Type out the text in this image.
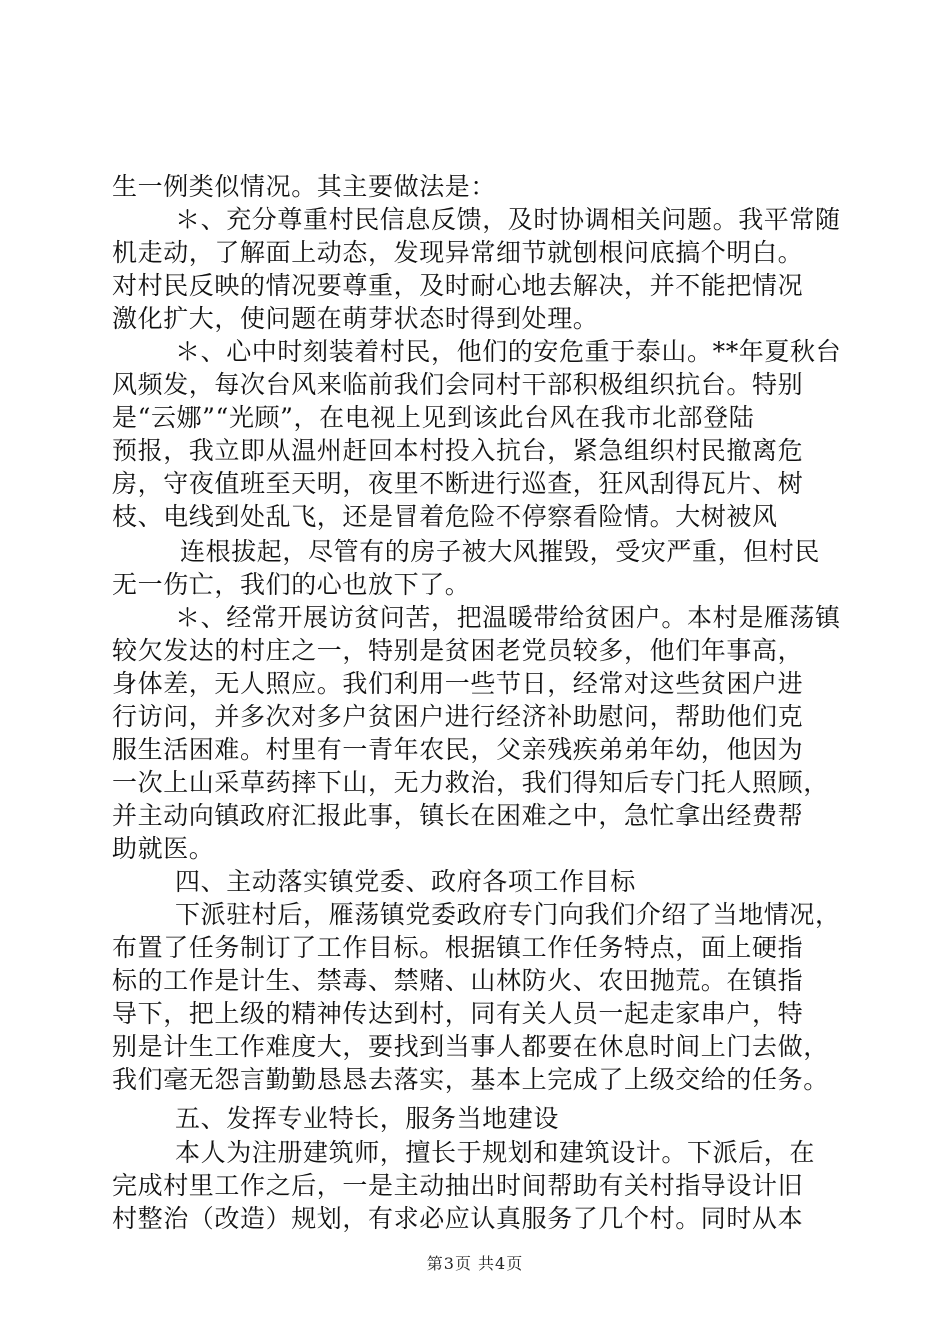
生一例类似情况。其主要做法是：
＊、充分尊重村民信息反馈，及时协调相关问题。我平常随
机走动，了解面上动态，发现异常细节就刨根问底搞个明白。
对村民反映的情况要尊重，及时耐心地去解决，并不能把情况
激化扩大，使问题在萌芽状态时得到处理。
＊、心中时刻装着村民，他们的安危重于泰山。**年夏秋台
风频发，每次台风来临前我们会同村干部积极组织抗台。特别
是“云娜”“光顾”，在电视上见到该此台风在我市北部登陆
预报，我立即从温州赶回本村投入抗台，紧急组织村民撤离危
房，守夜值班至天明，夜里不断进行巡查，狂风刮得瓦片、树
枝、电线到处乱飞，还是冒着危险不停察看险情。大树被风
连根拔起，尽管有的房子被大风摧毁，受灾严重，但村民
无一伤亡，我们的心也放下了。
＊、经常开展访贫问苦，把温暖带给贫困户。本村是雁荡镇
较欠发达的村庄之一，特别是贫困老党员较多，他们年事高，
身体差，无人照应。我们利用一些节日，经常对这些贫困户进
行访问，并多次对多户贫困户进行经济补助慰问，帮助他们克
服生活困难。村里有一青年农民，父亲残疾弟弟年幼，他因为
一次上山采草药摔下山，无力救治，我们得知后专门托人照顾，
并主动向镇政府汇报此事，镇长在困难之中，急忙拿出经费帮
助就医。
四、主动落实镇党委、政府各项工作目标
下派驻村后，雁荡镇党委政府专门向我们介绍了当地情况，
布置了任务制订了工作目标。根据镇工作任务特点，面上硬指
标的工作是计生、禁毒、禁赌、山林防火、农田抛荒。在镇指
导下，把上级的精神传达到村，同有关人员一起走家串户，特
别是计生工作难度大，要找到当事人都要在休息时间上门去做，
我们毫无怨言勤勤恳恳去落实，基本上完成了上级交给的任务。
五、发挥专业特长，服务当地建设
本人为注册建筑师，擅长于规划和建筑设计。下派后，在
完成村里工作之后，一是主动抽出时间帮助有关村指导设计旧
村整治（改造）规划，有求必应认真服务了几个村。同时从本
第3页 共4页
